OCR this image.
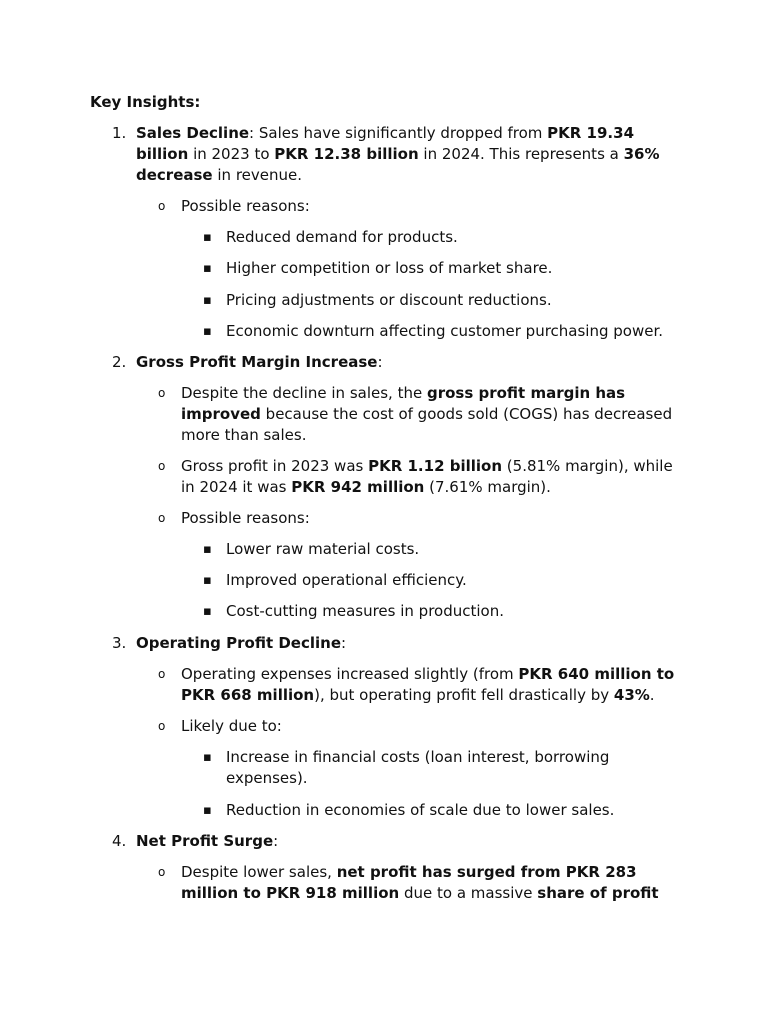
Key Insights:
1. Sales Decline: Sales have significantly dropped from PKR 19.34 billion in 2023 to PKR 12.38 billion in 2024. This represents a 36% decrease in revenue.
o Possible reasons:
▪ Reduced demand for products.
▪ Higher competition or loss of market share.
▪ Pricing adjustments or discount reductions.
▪ Economic downturn affecting customer purchasing power.
2. Gross Profit Margin Increase:
o Despite the decline in sales, the gross profit margin has improved because the cost of goods sold (COGS) has decreased more than sales.
o Gross profit in 2023 was PKR 1.12 billion (5.81% margin), while in 2024 it was PKR 942 million (7.61% margin).
o Possible reasons:
▪ Lower raw material costs.
▪ Improved operational efficiency.
▪ Cost-cutting measures in production.
3. Operating Profit Decline:
o Operating expenses increased slightly (from PKR 640 million to PKR 668 million), but operating profit fell drastically by 43%.
o Likely due to:
▪ Increase in financial costs (loan interest, borrowing expenses).
▪ Reduction in economies of scale due to lower sales.
4. Net Profit Surge:
o Despite lower sales, net profit has surged from PKR 283 million to PKR 918 million due to a massive share of profit
